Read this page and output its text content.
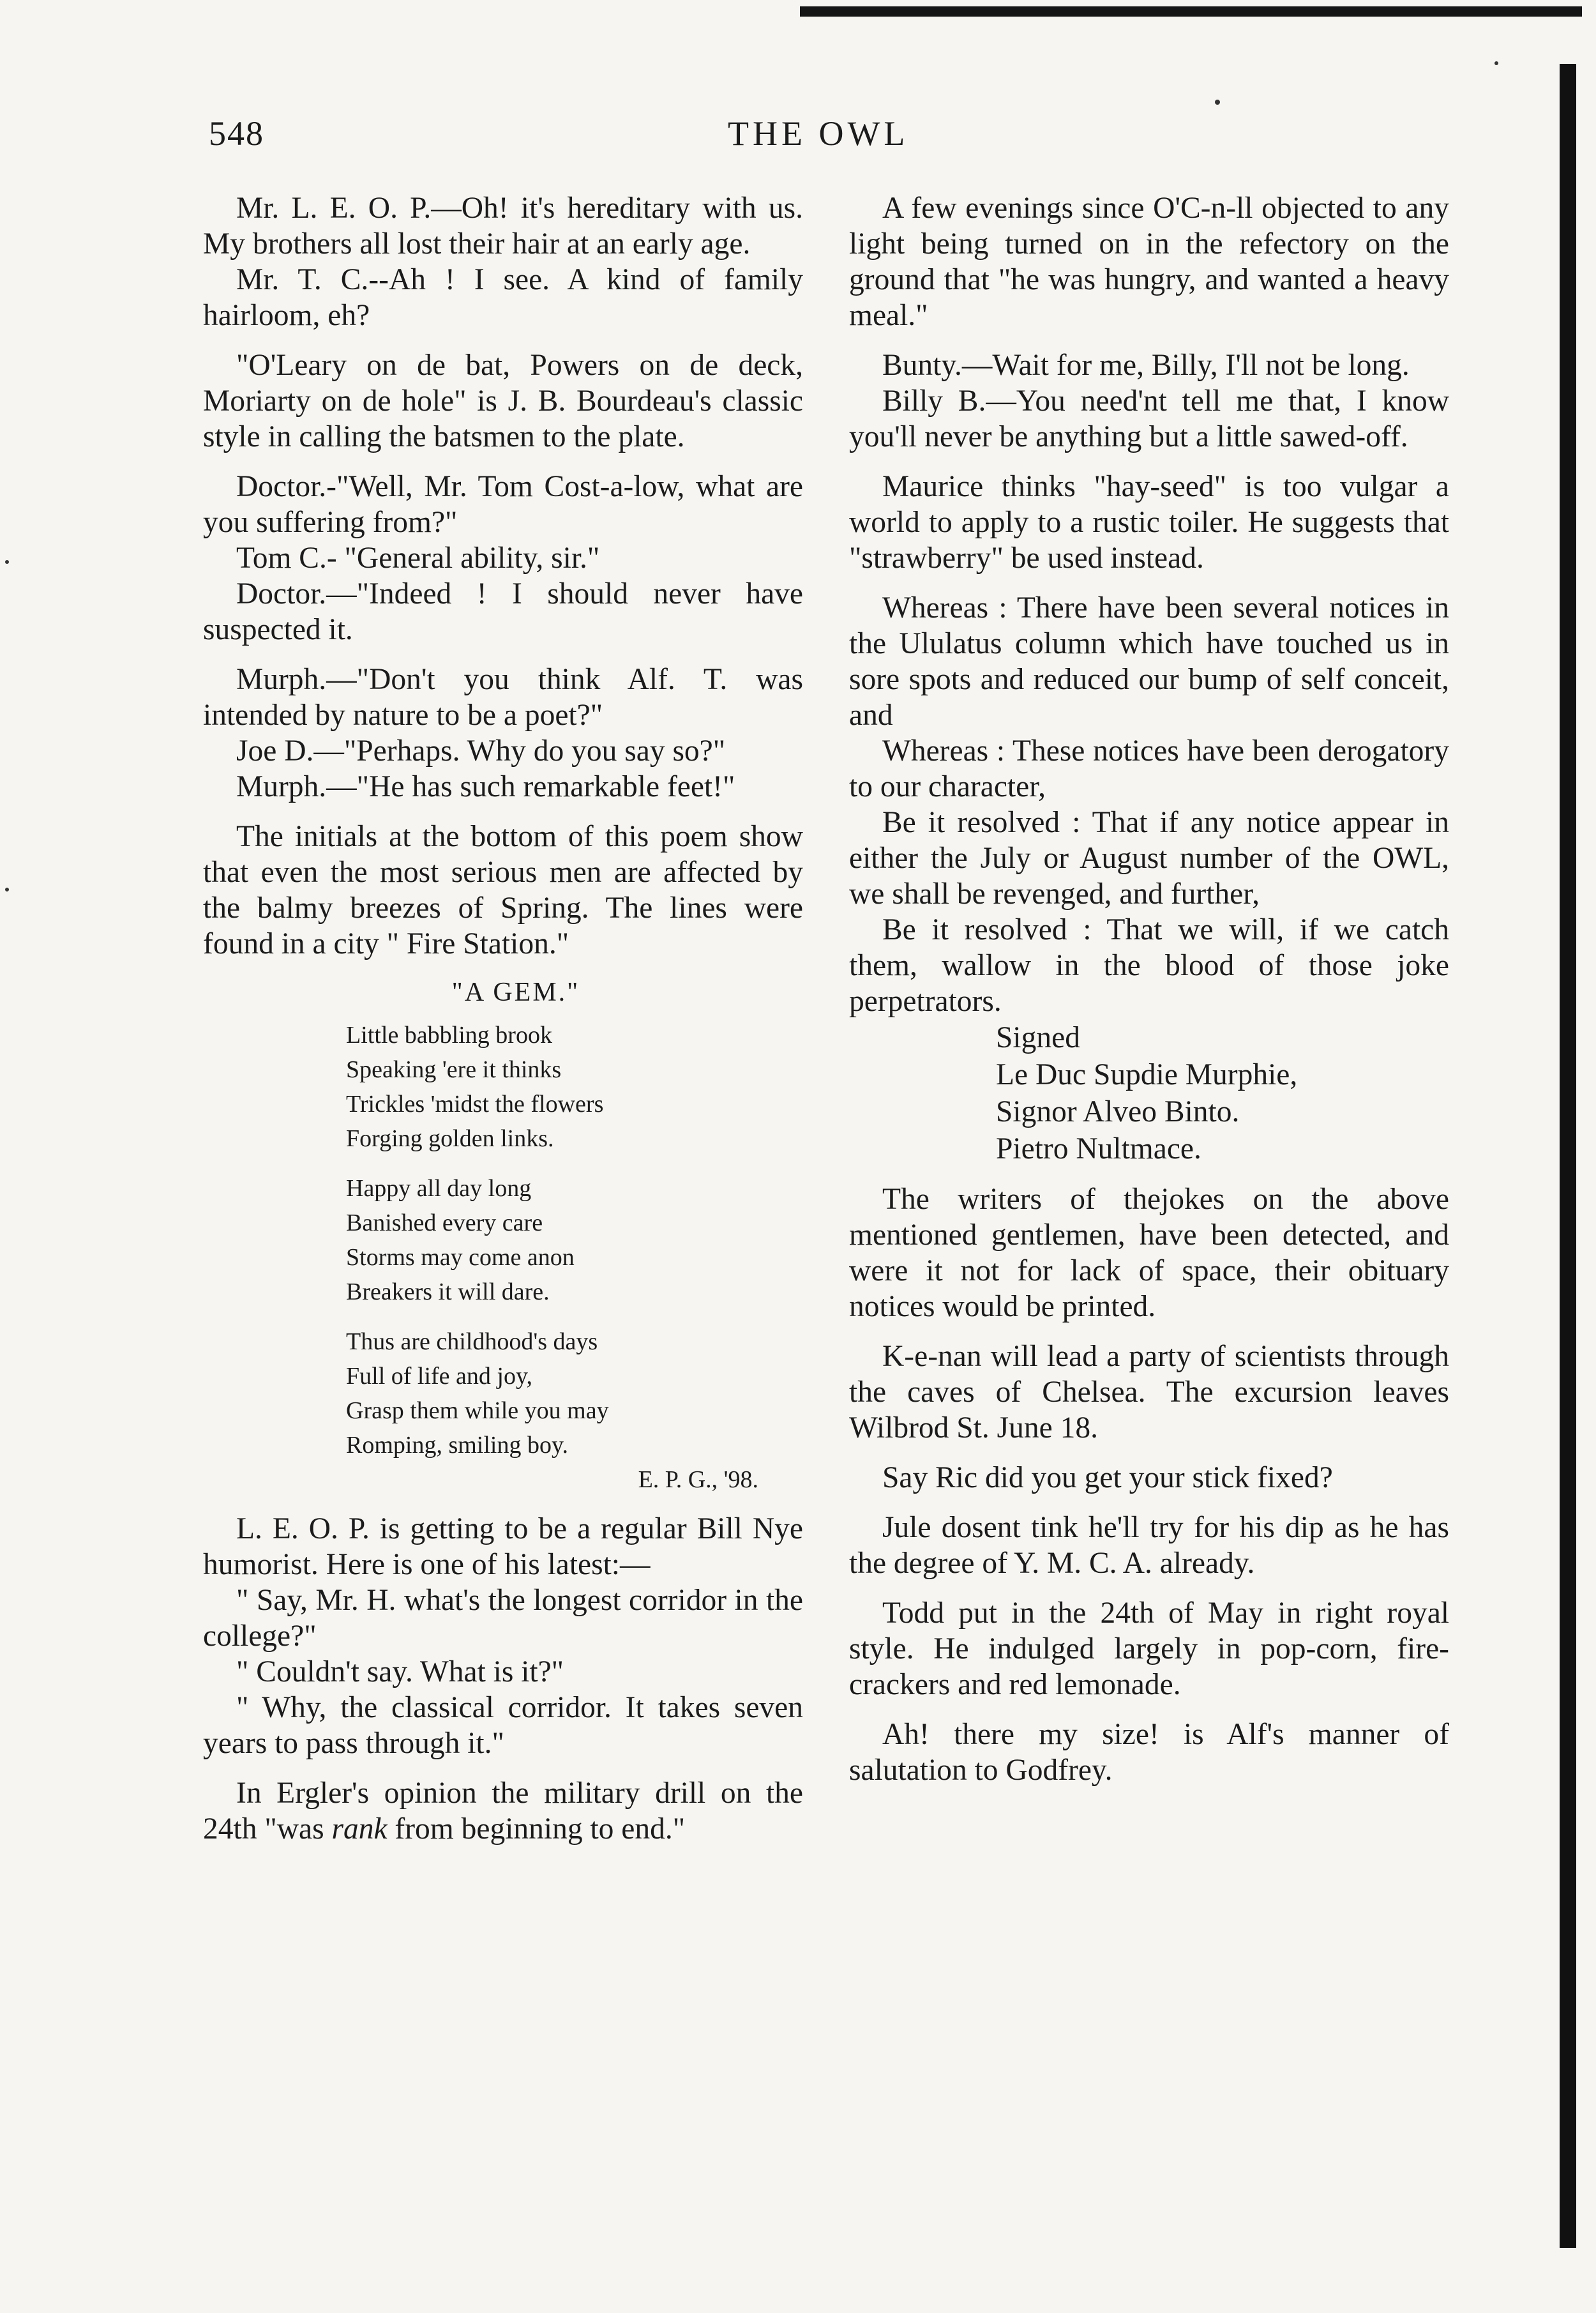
548	THE OWL

Mr. L. E. O. P.—Oh! it's hereditary with us. My brothers all lost their hair at an early age.

Mr. T. C.--Ah ! I see. A kind of family hairloom, eh?

"O'Leary on de bat, Powers on de deck, Moriarty on de hole" is J. B. Bourdeau's classic style in calling the batsmen to the plate.

Doctor.-"Well, Mr. Tom Cost-a-low, what are you suffering from?"

Tom C.- "General ability, sir."

Doctor.—"Indeed ! I should never have suspected it.

Murph.—"Don't you think Alf. T. was intended by nature to be a poet?"

Joe D.—"Perhaps. Why do you say so?"

Murph.—"He has such remarkable feet!"

The initials at the bottom of this poem show that even the most serious men are affected by the balmy breezes of Spring. The lines were found in a city " Fire Station."

"A GEM."
Little babbling brook
Speaking 'ere it thinks
Trickles 'midst the flowers
Forging golden links.
Happy all day long
Banished every care
Storms may come anon
Breakers it will dare.
Thus are childhood's days
Full of life and joy,
Grasp them while you may
Romping, smiling boy.
E. P. G., '98.

L. E. O. P. is getting to be a regular Bill Nye humorist. Here is one of his latest:—

" Say, Mr. H. what's the longest corridor in the college?"

" Couldn't say. What is it?"

" Why, the classical corridor. It takes seven years to pass through it."

In Ergler's opinion the military drill on the 24th "was rank from beginning to end."

A few evenings since O'C-n-ll objected to any light being turned on in the refectory on the ground that "he was hungry, and wanted a heavy meal."

Bunty.—Wait for me, Billy, I'll not be long.

Billy B.—You need'nt tell me that, I know you'll never be anything but a little sawed-off.

Maurice thinks "hay-seed" is too vulgar a world to apply to a rustic toiler. He suggests that "strawberry" be used instead.

Whereas : There have been several notices in the Ululatus column which have touched us in sore spots and reduced our bump of self conceit, and

Whereas : These notices have been derogatory to our character,

Be it resolved : That if any notice appear in either the July or August number of the OWL, we shall be revenged, and further,

Be it resolved : That we will, if we catch them, wallow in the blood of those joke perpetrators.

Signed
Le Duc Supdie Murphie,
Signor Alveo Binto.
Pietro Nultmace.

The writers of thejokes on the above mentioned gentlemen, have been detected, and were it not for lack of space, their obituary notices would be printed.

K-e-nan will lead a party of scientists through the caves of Chelsea. The excursion leaves Wilbrod St. June 18.

Say Ric did you get your stick fixed?

Jule dosent tink he'll try for his dip as he has the degree of Y. M. C. A. already.

Todd put in the 24th of May in right royal style. He indulged largely in pop-corn, fire-crackers and red lemonade.

Ah! there my size! is Alf's manner of salutation to Godfrey.
